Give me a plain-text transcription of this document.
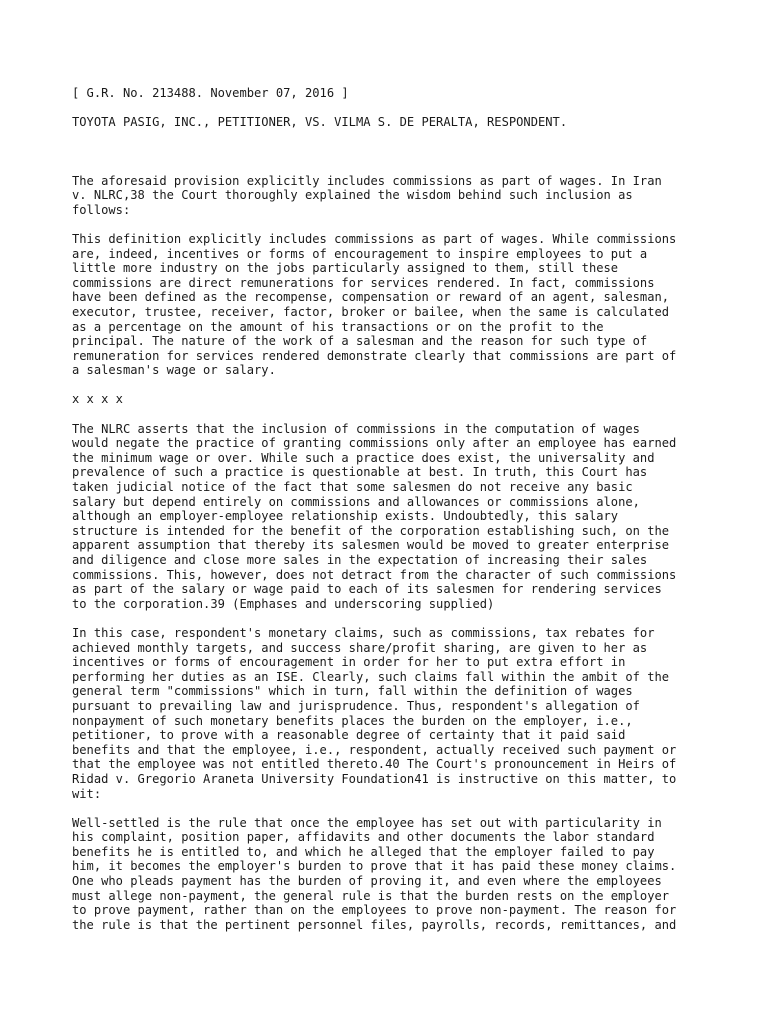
[ G.R. No. 213488. November 07, 2016 ]
TOYOTA PASIG, INC., PETITIONER, VS. VILMA S. DE PERALTA, RESPONDENT.
The aforesaid provision explicitly includes commissions as part of wages. In Iran
v. NLRC,38 the Court thoroughly explained the wisdom behind such inclusion as
follows:
This definition explicitly includes commissions as part of wages. While commissions
are, indeed, incentives or forms of encouragement to inspire employees to put a
little more industry on the jobs particularly assigned to them, still these
commissions are direct remunerations for services rendered. In fact, commissions
have been defined as the recompense, compensation or reward of an agent, salesman,
executor, trustee, receiver, factor, broker or bailee, when the same is calculated
as a percentage on the amount of his transactions or on the profit to the
principal. The nature of the work of a salesman and the reason for such type of
remuneration for services rendered demonstrate clearly that commissions are part of
a salesman's wage or salary.
x x x x
The NLRC asserts that the inclusion of commissions in the computation of wages
would negate the practice of granting commissions only after an employee has earned
the minimum wage or over. While such a practice does exist, the universality and
prevalence of such a practice is questionable at best. In truth, this Court has
taken judicial notice of the fact that some salesmen do not receive any basic
salary but depend entirely on commissions and allowances or commissions alone,
although an employer-employee relationship exists. Undoubtedly, this salary
structure is intended for the benefit of the corporation establishing such, on the
apparent assumption that thereby its salesmen would be moved to greater enterprise
and diligence and close more sales in the expectation of increasing their sales
commissions. This, however, does not detract from the character of such commissions
as part of the salary or wage paid to each of its salesmen for rendering services
to the corporation.39 (Emphases and underscoring supplied)
In this case, respondent's monetary claims, such as commissions, tax rebates for
achieved monthly targets, and success share/profit sharing, are given to her as
incentives or forms of encouragement in order for her to put extra effort in
performing her duties as an ISE. Clearly, such claims fall within the ambit of the
general term "commissions" which in turn, fall within the definition of wages
pursuant to prevailing law and jurisprudence. Thus, respondent's allegation of
nonpayment of such monetary benefits places the burden on the employer, i.e.,
petitioner, to prove with a reasonable degree of certainty that it paid said
benefits and that the employee, i.e., respondent, actually received such payment or
that the employee was not entitled thereto.40 The Court's pronouncement in Heirs of
Ridad v. Gregorio Araneta University Foundation41 is instructive on this matter, to
wit:
Well-settled is the rule that once the employee has set out with particularity in
his complaint, position paper, affidavits and other documents the labor standard
benefits he is entitled to, and which he alleged that the employer failed to pay
him, it becomes the employer's burden to prove that it has paid these money claims.
One who pleads payment has the burden of proving it, and even where the employees
must allege non-payment, the general rule is that the burden rests on the employer
to prove payment, rather than on the employees to prove non-payment. The reason for
the rule is that the pertinent personnel files, payrolls, records, remittances, and
